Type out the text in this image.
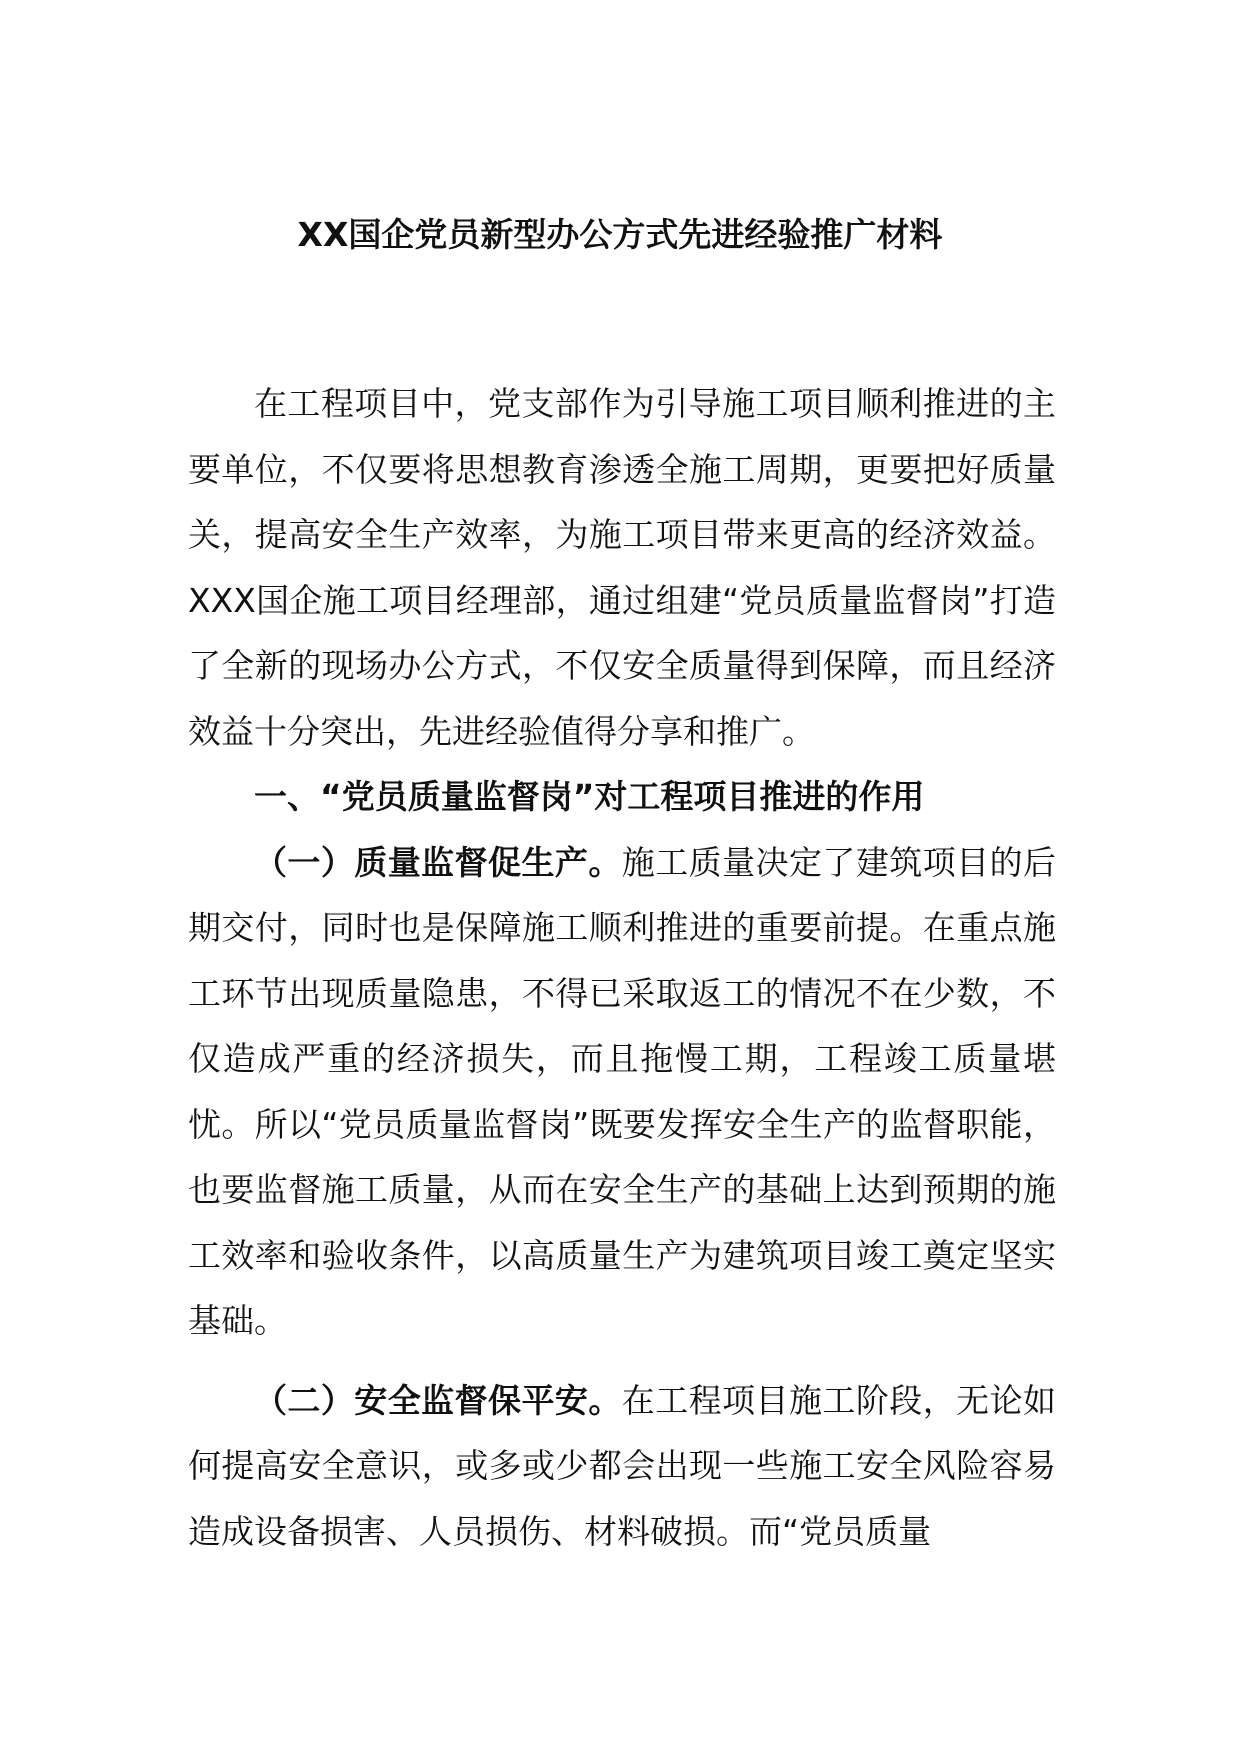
XX国企党员新型办公方式先进经验推广材料

在工程项目中，党支部作为引导施工项目顺利推进的主要单位，不仅要将思想教育渗透全施工周期，更要把好质量关，提高安全生产效率，为施工项目带来更高的经济效益。XXX国企施工项目经理部，通过组建“党员质量监督岗”打造了全新的现场办公方式，不仅安全质量得到保障，而且经济效益十分突出，先进经验值得分享和推广。

一、“党员质量监督岗”对工程项目推进的作用

（一）质量监督促生产。施工质量决定了建筑项目的后期交付，同时也是保障施工顺利推进的重要前提。在重点施工环节出现质量隐患，不得已采取返工的情况不在少数，不仅造成严重的经济损失，而且拖慢工期，工程竣工质量堪忧。所以“党员质量监督岗”既要发挥安全生产的监督职能，也要监督施工质量，从而在安全生产的基础上达到预期的施工效率和验收条件，以高质量生产为建筑项目竣工奠定坚实基础。

（二）安全监督保平安。在工程项目施工阶段，无论如何提高安全意识，或多或少都会出现一些施工安全风险容易造成设备损害、人员损伤、材料破损。而“党员质量
